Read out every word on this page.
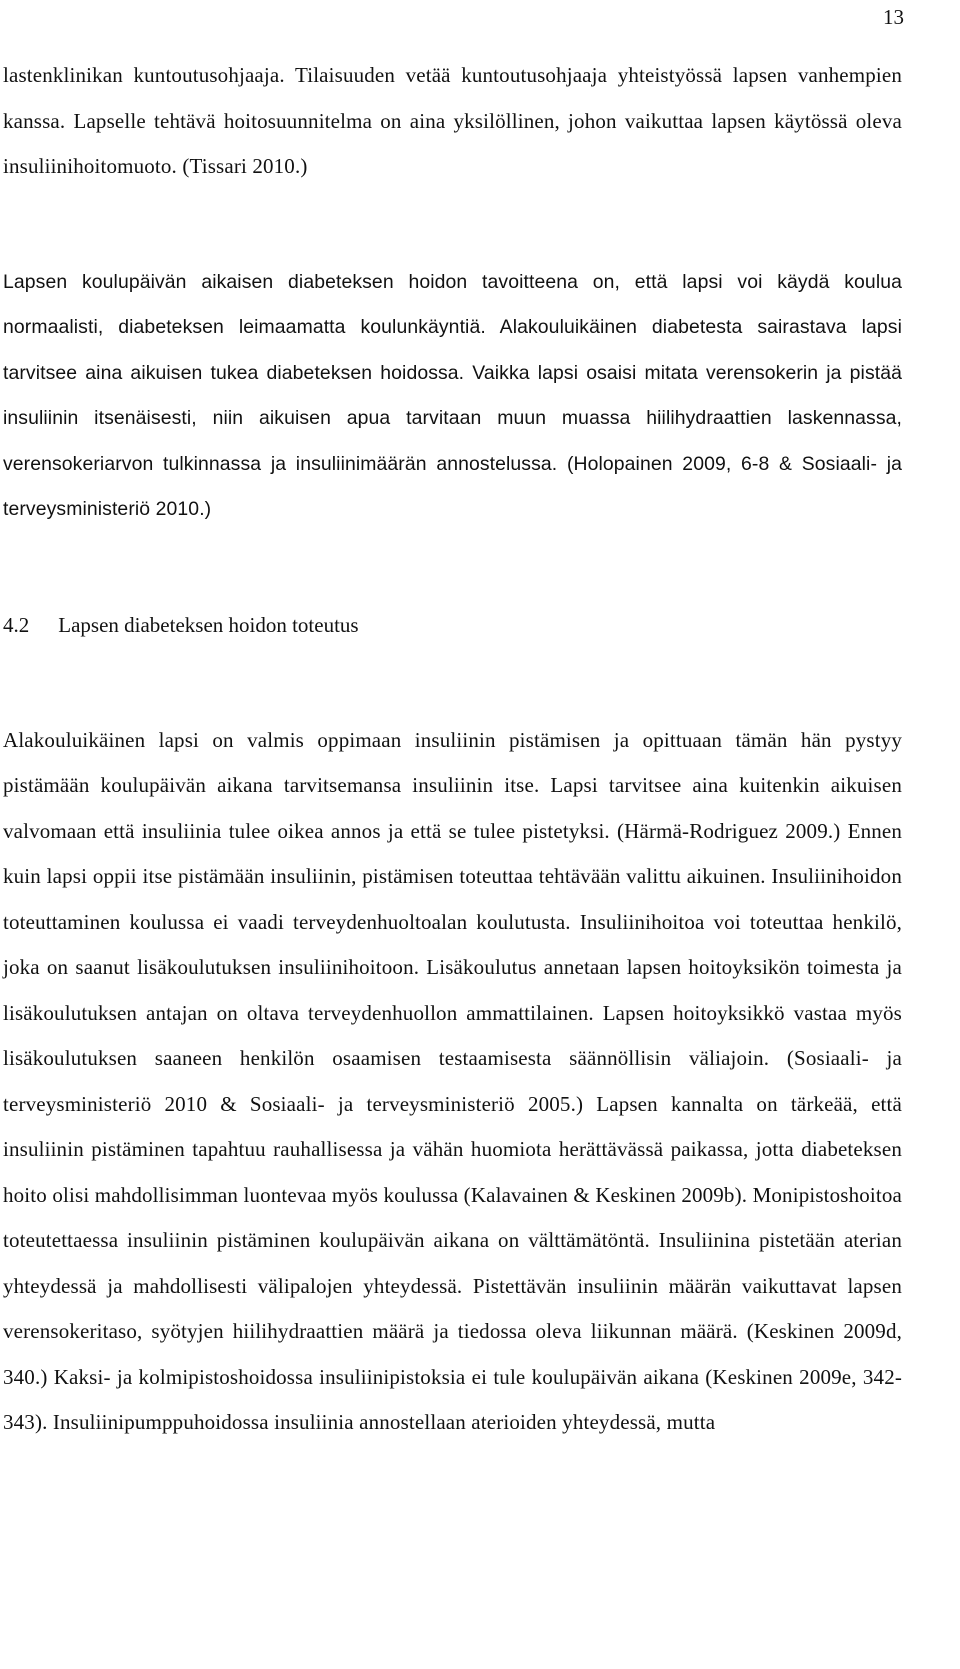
13

lastenklinikan kuntoutusohjaaja. Tilaisuuden vetää kuntoutusohjaaja yhteistyössä lapsen vanhempien kanssa. Lapselle tehtävä hoitosuunnitelma on aina yksilöllinen, johon vaikuttaa lapsen käytössä oleva insuliinihoitomuoto. (Tissari 2010.)

Lapsen koulupäivän aikaisen diabeteksen hoidon tavoitteena on, että lapsi voi käydä koulua normaalisti, diabeteksen leimaamatta koulunkäyntiä. Alakouluikäinen diabetesta sairastava lapsi tarvitsee aina aikuisen tukea diabeteksen hoidossa. Vaikka lapsi osaisi mitata verensokerin ja pistää insuliinin itsenäisesti, niin aikuisen apua tarvitaan muun muassa hiilihydraattien laskennassa, verensokeriarvon tulkinnassa ja insuliinimäärän annostelussa. (Holopainen 2009, 6-8 & Sosiaali- ja terveysministeriö 2010.)

4.2 Lapsen diabeteksen hoidon toteutus

Alakouluikäinen lapsi on valmis oppimaan insuliinin pistämisen ja opittuaan tämän hän pystyy pistämään koulupäivän aikana tarvitsemansa insuliinin itse. Lapsi tarvitsee aina kuitenkin aikuisen valvomaan että insuliinia tulee oikea annos ja että se tulee pistetyksi. (Härmä-Rodriguez 2009.) Ennen kuin lapsi oppii itse pistämään insuliinin, pistämisen toteuttaa tehtävään valittu aikuinen. Insuliinihoidon toteuttaminen koulussa ei vaadi terveydenhuoltoalan koulutusta. Insuliinihoitoa voi toteuttaa henkilö, joka on saanut lisäkoulutuksen insuliinihoitoon. Lisäkoulutus annetaan lapsen hoitoyksikön toimesta ja lisäkoulutuksen antajan on oltava terveydenhuollon ammattilainen. Lapsen hoitoyksikkö vastaa myös lisäkoulutuksen saaneen henkilön osaamisen testaamisesta säännöllisin väliajoin. (Sosiaali- ja terveysministeriö 2010 & Sosiaali- ja terveysministeriö 2005.) Lapsen kannalta on tärkeää, että insuliinin pistäminen tapahtuu rauhallisessa ja vähän huomiota herättävässä paikassa, jotta diabeteksen hoito olisi mahdollisimman luontevaa myös koulussa (Kalavainen & Keskinen 2009b). Monipistoshoitoa toteutettaessa insuliinin pistäminen koulupäivän aikana on välttämätöntä. Insuliinina pistetään aterian yhteydessä ja mahdollisesti välipalojen yhteydessä. Pistettävän insuliinin määrän vaikuttavat lapsen verensokeritaso, syötyjen hiilihydraattien määrä ja tiedossa oleva liikunnan määrä. (Keskinen 2009d, 340.) Kaksi- ja kolmipistoshoidossa insuliinipistoksia ei tule koulupäivän aikana (Keskinen 2009e, 342-343). Insuliinipumppuhoidossa insuliinia annostellaan aterioiden yhteydessä, mutta
